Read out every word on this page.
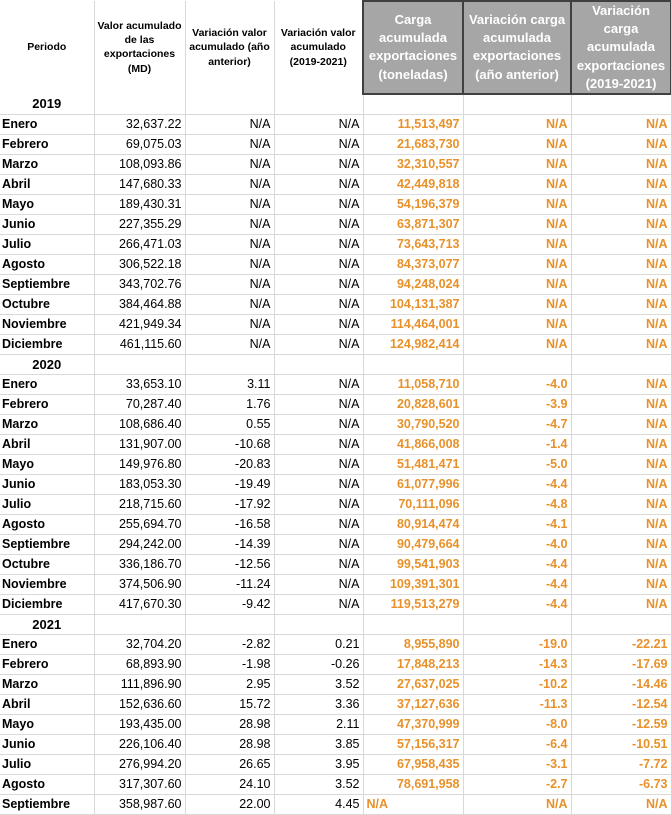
Periodo	Valor acumulado de las exportaciones (MD)	Variación valor acumulado (año anterior)	Variación valor acumulado (2019-2021)	Carga acumulada exportaciones (toneladas)	Variación carga acumulada exportaciones (año anterior)	Variación carga acumulada exportaciones (2019-2021)
2019						
Enero	32,637.22	N/A	N/A	11,513,497	N/A	N/A
Febrero	69,075.03	N/A	N/A	21,683,730	N/A	N/A
Marzo	108,093.86	N/A	N/A	32,310,557	N/A	N/A
Abril	147,680.33	N/A	N/A	42,449,818	N/A	N/A
Mayo	189,430.31	N/A	N/A	54,196,379	N/A	N/A
Junio	227,355.29	N/A	N/A	63,871,307	N/A	N/A
Julio	266,471.03	N/A	N/A	73,643,713	N/A	N/A
Agosto	306,522.18	N/A	N/A	84,373,077	N/A	N/A
Septiembre	343,702.76	N/A	N/A	94,248,024	N/A	N/A
Octubre	384,464.88	N/A	N/A	104,131,387	N/A	N/A
Noviembre	421,949.34	N/A	N/A	114,464,001	N/A	N/A
Diciembre	461,115.60	N/A	N/A	124,982,414	N/A	N/A
2020						
Enero	33,653.10	3.11	N/A	11,058,710	-4.0	N/A
Febrero	70,287.40	1.76	N/A	20,828,601	-3.9	N/A
Marzo	108,686.40	0.55	N/A	30,790,520	-4.7	N/A
Abril	131,907.00	-10.68	N/A	41,866,008	-1.4	N/A
Mayo	149,976.80	-20.83	N/A	51,481,471	-5.0	N/A
Junio	183,053.30	-19.49	N/A	61,077,996	-4.4	N/A
Julio	218,715.60	-17.92	N/A	70,111,096	-4.8	N/A
Agosto	255,694.70	-16.58	N/A	80,914,474	-4.1	N/A
Septiembre	294,242.00	-14.39	N/A	90,479,664	-4.0	N/A
Octubre	336,186.70	-12.56	N/A	99,541,903	-4.4	N/A
Noviembre	374,506.90	-11.24	N/A	109,391,301	-4.4	N/A
Diciembre	417,670.30	-9.42	N/A	119,513,279	-4.4	N/A
2021						
Enero	32,704.20	-2.82	0.21	8,955,890	-19.0	-22.21
Febrero	68,893.90	-1.98	-0.26	17,848,213	-14.3	-17.69
Marzo	111,896.90	2.95	3.52	27,637,025	-10.2	-14.46
Abril	152,636.60	15.72	3.36	37,127,636	-11.3	-12.54
Mayo	193,435.00	28.98	2.11	47,370,999	-8.0	-12.59
Junio	226,106.40	28.98	3.85	57,156,317	-6.4	-10.51
Julio	276,994.20	26.65	3.95	67,958,435	-3.1	-7.72
Agosto	317,307.60	24.10	3.52	78,691,958	-2.7	-6.73
Septiembre	358,987.60	22.00	4.45	N/A	N/A	N/A
